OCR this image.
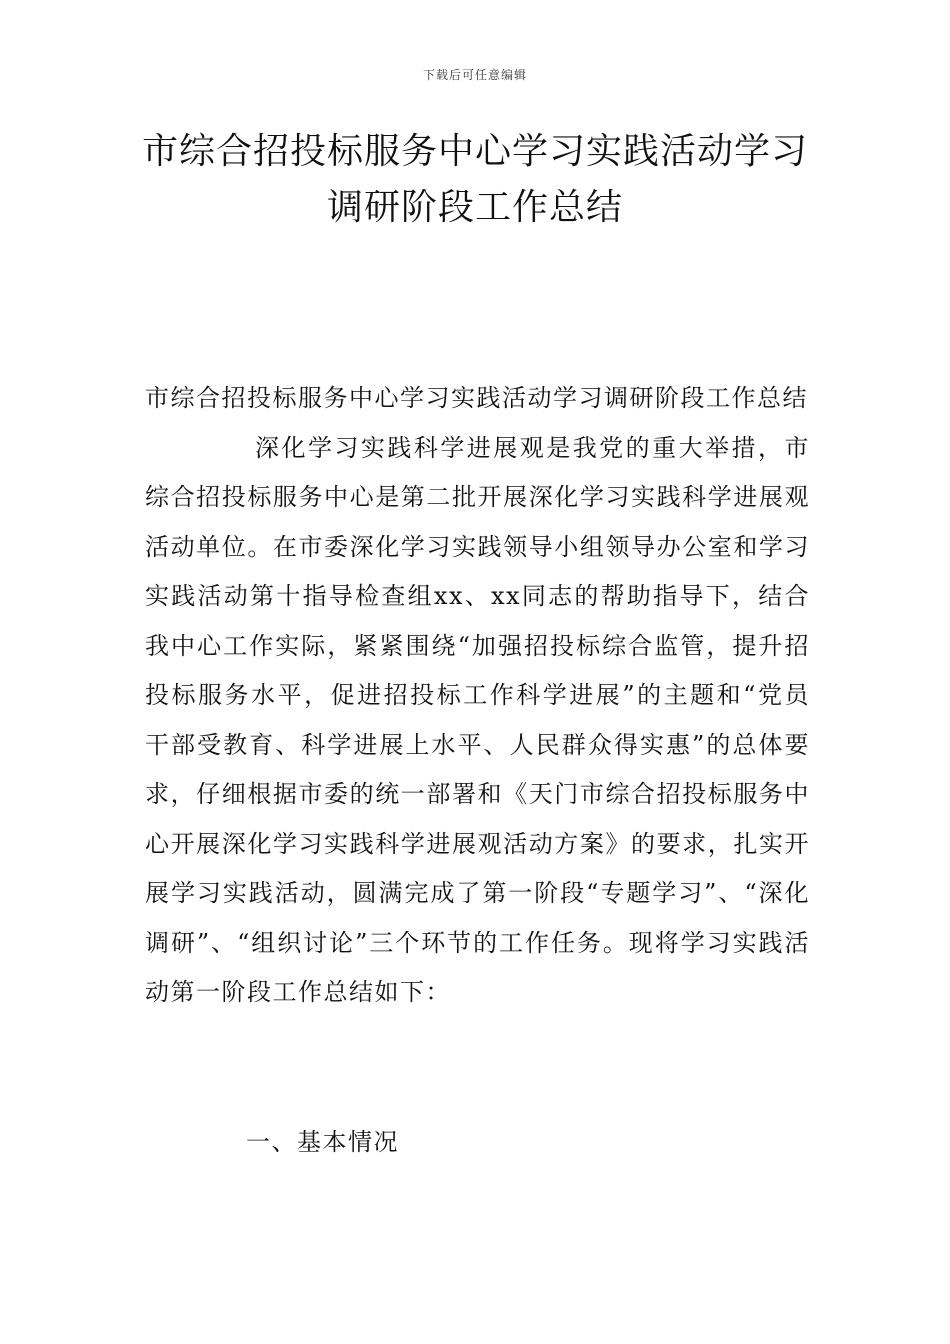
下载后可任意编辑
市综合招投标服务中心学习实践活动学习
调研阶段工作总结

市综合招投标服务中心学习实践活动学习调研阶段工作总结

深化学习实践科学进展观是我党的重大举措，市综合招投标服务中心是第二批开展深化学习实践科学进展观活动单位。在市委深化学习实践领导小组领导办公室和学习实践活动第十指导检查组xx、xx同志的帮助指导下，结合我中心工作实际，紧紧围绕“加强招投标综合监管，提升招投标服务水平，促进招投标工作科学进展”的主题和“党员干部受教育、科学进展上水平、人民群众得实惠”的总体要求，仔细根据市委的统一部署和《天门市综合招投标服务中心开展深化学习实践科学进展观活动方案》的要求，扎实开展学习实践活动，圆满完成了第一阶段“专题学习”、“深化调研”、“组织讨论”三个环节的工作任务。现将学习实践活动第一阶段工作总结如下：

一、基本情况
